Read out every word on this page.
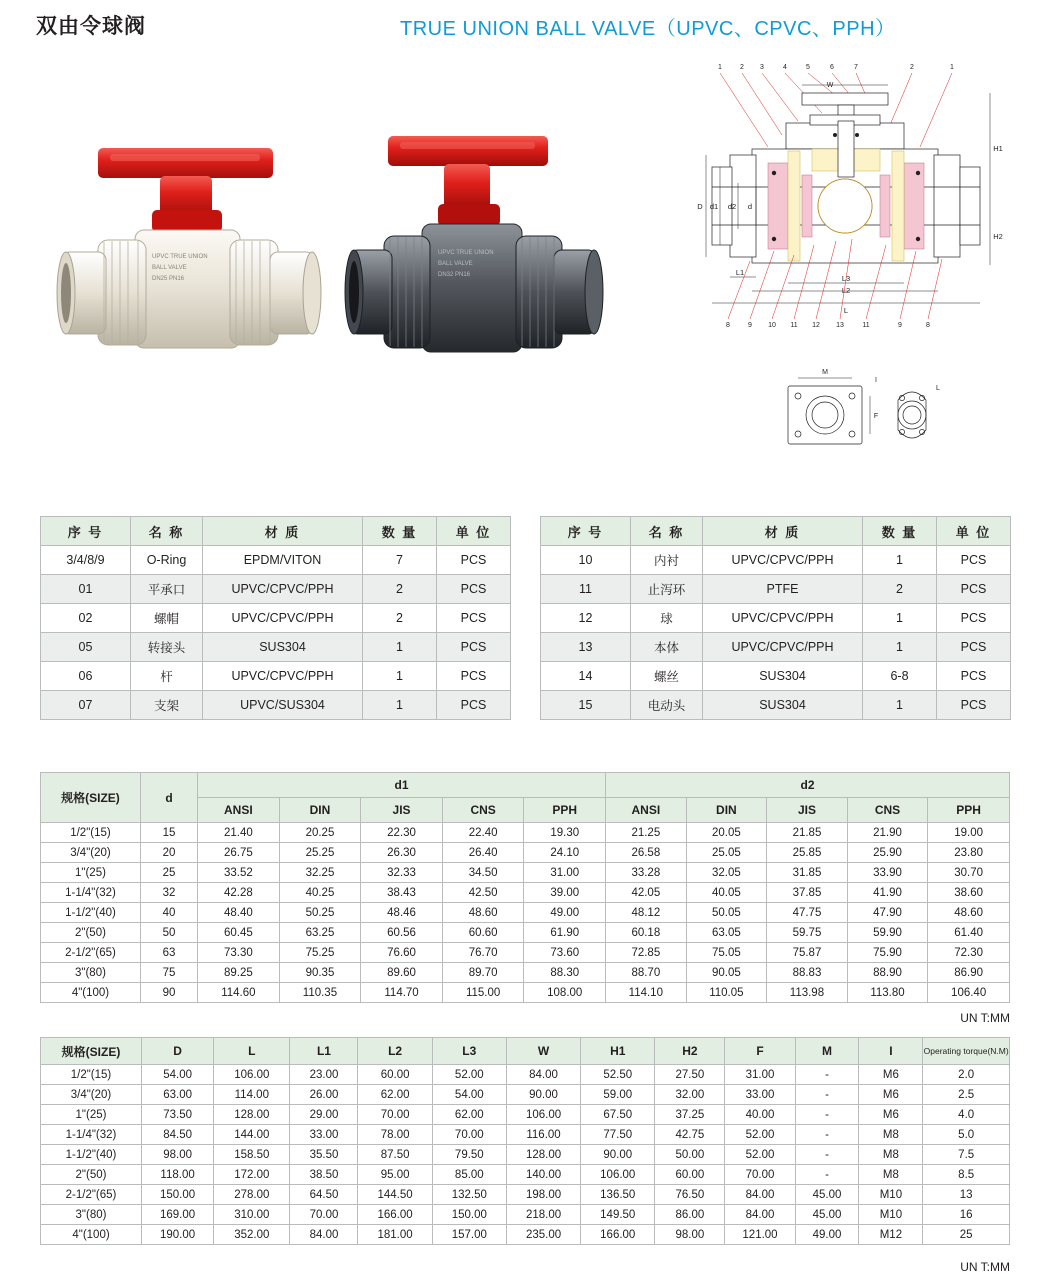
双由令球阀	TRUE UNION BALL VALVE（UPVC、CPVC、PPH）
UPVC TRUE UNION
BALL VALVE
DN25 PN16
UPVC TRUE UNION
BALL VALVE
DN32 PN16
1	2 3	4	5	6	7	2	1
W
D d1 d2 d
H1
H2
L1
L3
L2
L
8	9 10 11 12 13	11	9	8
M
I
F
L
序 号	名 称	材 质	数 量	单 位
3/4/8/9	O-Ring	EPDM/VITON	7	PCS
01	平承口	UPVC/CPVC/PPH	2	PCS
02	螺帽	UPVC/CPVC/PPH	2	PCS
05	转接头	SUS304	1	PCS
06	杆	UPVC/CPVC/PPH	1	PCS
07	支架	UPVC/SUS304	1	PCS
序 号	名 称	材 质	数 量	单 位
10	内衬	UPVC/CPVC/PPH	1	PCS
11	止泻环	PTFE	2	PCS
12	球	UPVC/CPVC/PPH	1	PCS
13	本体	UPVC/CPVC/PPH	1	PCS
14	螺丝	SUS304	6-8	PCS
15	电动头	SUS304	1	PCS
UN T:MM
规格(SIZE)	d	d1					d2				
		ANSI	DIN	JIS	CNS	PPH	ANSI	DIN	JIS	CNS	PPH
1/2"(15)	15	21.40	20.25	22.30	22.40	19.30	21.25	20.05	21.85	21.90	19.00
3/4"(20)	20	26.75	25.25	26.30	26.40	24.10	26.58	25.05	25.85	25.90	23.80
1"(25)	25	33.52	32.25	32.33	34.50	31.00	33.28	32.05	31.85	33.90	30.70
1-1/4"(32)	32	42.28	40.25	38.43	42.50	39.00	42.05	40.05	37.85	41.90	38.60
1-1/2"(40)	40	48.40	50.25	48.46	48.60	49.00	48.12	50.05	47.75	47.90	48.60
2"(50)	50	60.45	63.25	60.56	60.60	61.90	60.18	63.05	59.75	59.90	61.40
2-1/2"(65)	63	73.30	75.25	76.60	76.70	73.60	72.85	75.05	75.87	75.90	72.30
3"(80)	75	89.25	90.35	89.60	89.70	88.30	88.70	90.05	88.83	88.90	86.90
4"(100)	90	114.60	110.35	114.70	115.00	108.00	114.10	110.05	113.98	113.80	106.40
UN T:MM
规格(SIZE)	D	L	L1	L2	L3	W	H1	H2	F	M	I	Operating torque(N.M)
1/2"(15)	54.00	106.00	23.00	60.00	52.00	84.00	52.50	27.50	31.00	-	M6	2.0
3/4"(20)	63.00	114.00	26.00	62.00	54.00	90.00	59.00	32.00	33.00	-	M6	2.5
1"(25)	73.50	128.00	29.00	70.00	62.00	106.00	67.50	37.25	40.00	-	M6	4.0
1-1/4"(32)	84.50	144.00	33.00	78.00	70.00	116.00	77.50	42.75	52.00	-	M8	5.0
1-1/2"(40)	98.00	158.50	35.50	87.50	79.50	128.00	90.00	50.00	52.00	-	M8	7.5
2"(50)	118.00	172.00	38.50	95.00	85.00	140.00	106.00	60.00	70.00	-	M8	8.5
2-1/2"(65)	150.00	278.00	64.50	144.50	132.50	198.00	136.50	76.50	84.00	45.00	M10	13
3"(80)	169.00	310.00	70.00	166.00	150.00	218.00	149.50	86.00	84.00	45.00	M10	16
4"(100)	190.00	352.00	84.00	181.00	157.00	235.00	166.00	98.00	121.00	49.00	M12	25
